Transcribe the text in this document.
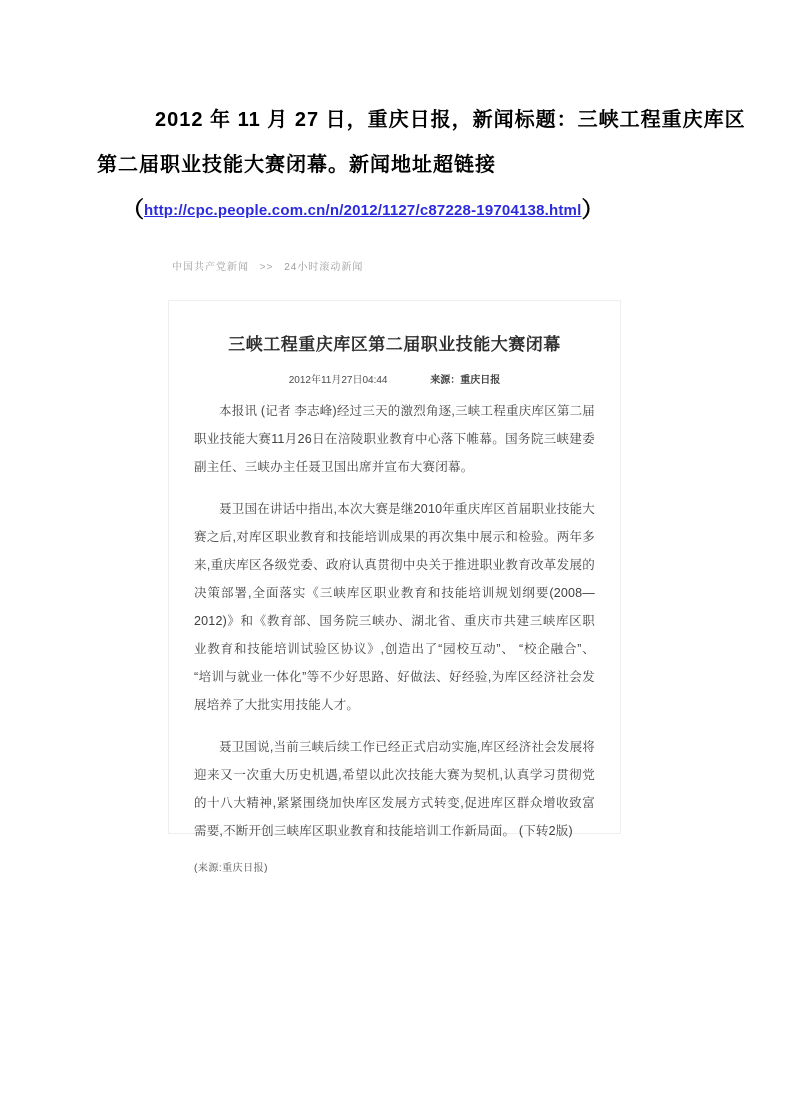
2012 年 11 月 27 日，重庆日报，新闻标题：三峡工程重庆库区
第二届职业技能大赛闭幕。新闻地址超链接
（http://cpc.people.com.cn/n/2012/1127/c87228-19704138.html）
中国共产党新闻 >> 24小时滚动新闻
三峡工程重庆库区第二届职业技能大赛闭幕
2012年11月27日04:44	来源：重庆日报

本报讯 (记者 李志峰)经过三天的激烈角逐,三峡工程重庆库区第二届职业技能大赛11月26日在涪陵职业教育中心落下帷幕。国务院三峡建委副主任、三峡办主任聂卫国出席并宣布大赛闭幕。

聂卫国在讲话中指出,本次大赛是继2010年重庆库区首届职业技能大赛之后,对库区职业教育和技能培训成果的再次集中展示和检验。两年多来,重庆库区各级党委、政府认真贯彻中央关于推进职业教育改革发展的决策部署,全面落实《三峡库区职业教育和技能培训规划纲要(2008—2012)》和《教育部、国务院三峡办、湖北省、重庆市共建三峡库区职业教育和技能培训试验区协议》,创造出了“园校互动”、 “校企融合”、 “培训与就业一体化”等不少好思路、好做法、好经验,为库区经济社会发展培养了大批实用技能人才。

聂卫国说,当前三峡后续工作已经正式启动实施,库区经济社会发展将迎来又一次重大历史机遇,希望以此次技能大赛为契机,认真学习贯彻党的十八大精神,紧紧围绕加快库区发展方式转变,促进库区群众增收致富需要,不断开创三峡库区职业教育和技能培训工作新局面。 (下转2版)

(来源:重庆日报)
